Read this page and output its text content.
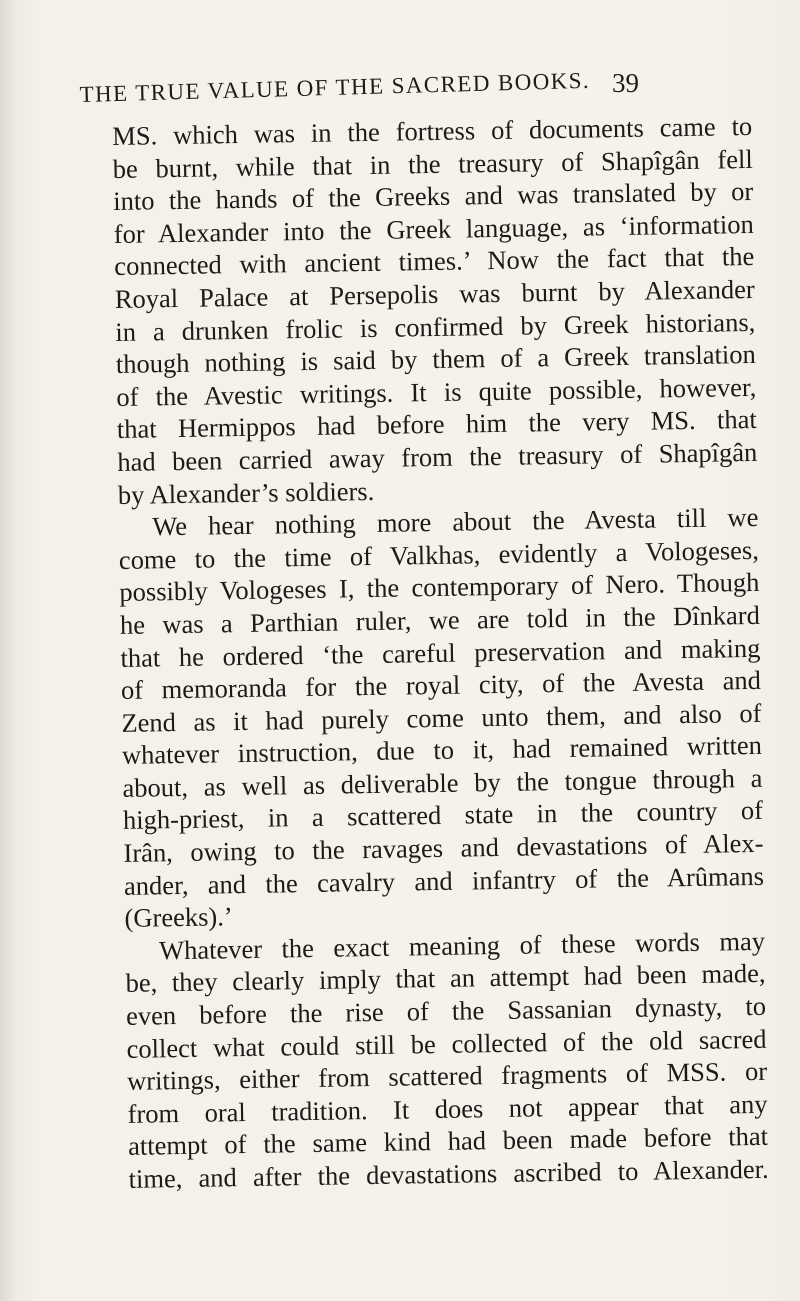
THE TRUE VALUE OF THE SACRED BOOKS. 39
MS. which was in the fortress of documents came to
be burnt, while that in the treasury of Shapîgân fell
into the hands of the Greeks and was translated by or
for Alexander into the Greek language, as ‘information
connected with ancient times.’ Now the fact that the
Royal Palace at Persepolis was burnt by Alexander
in a drunken frolic is confirmed by Greek historians,
though nothing is said by them of a Greek translation
of the Avestic writings. It is quite possible, however,
that Hermippos had before him the very MS. that
had been carried away from the treasury of Shapîgân
by Alexander’s soldiers.
We hear nothing more about the Avesta till we
come to the time of Valkhas, evidently a Vologeses,
possibly Vologeses I, the contemporary of Nero. Though
he was a Parthian ruler, we are told in the Dînkard
that he ordered ‘the careful preservation and making
of memoranda for the royal city, of the Avesta and
Zend as it had purely come unto them, and also of
whatever instruction, due to it, had remained written
about, as well as deliverable by the tongue through a
high-priest, in a scattered state in the country of
Irân, owing to the ravages and devastations of Alex-
ander, and the cavalry and infantry of the Arûmans
(Greeks).’
Whatever the exact meaning of these words may
be, they clearly imply that an attempt had been made,
even before the rise of the Sassanian dynasty, to
collect what could still be collected of the old sacred
writings, either from scattered fragments of MSS. or
from oral tradition. It does not appear that any
attempt of the same kind had been made before that
time, and after the devastations ascribed to Alexander.
